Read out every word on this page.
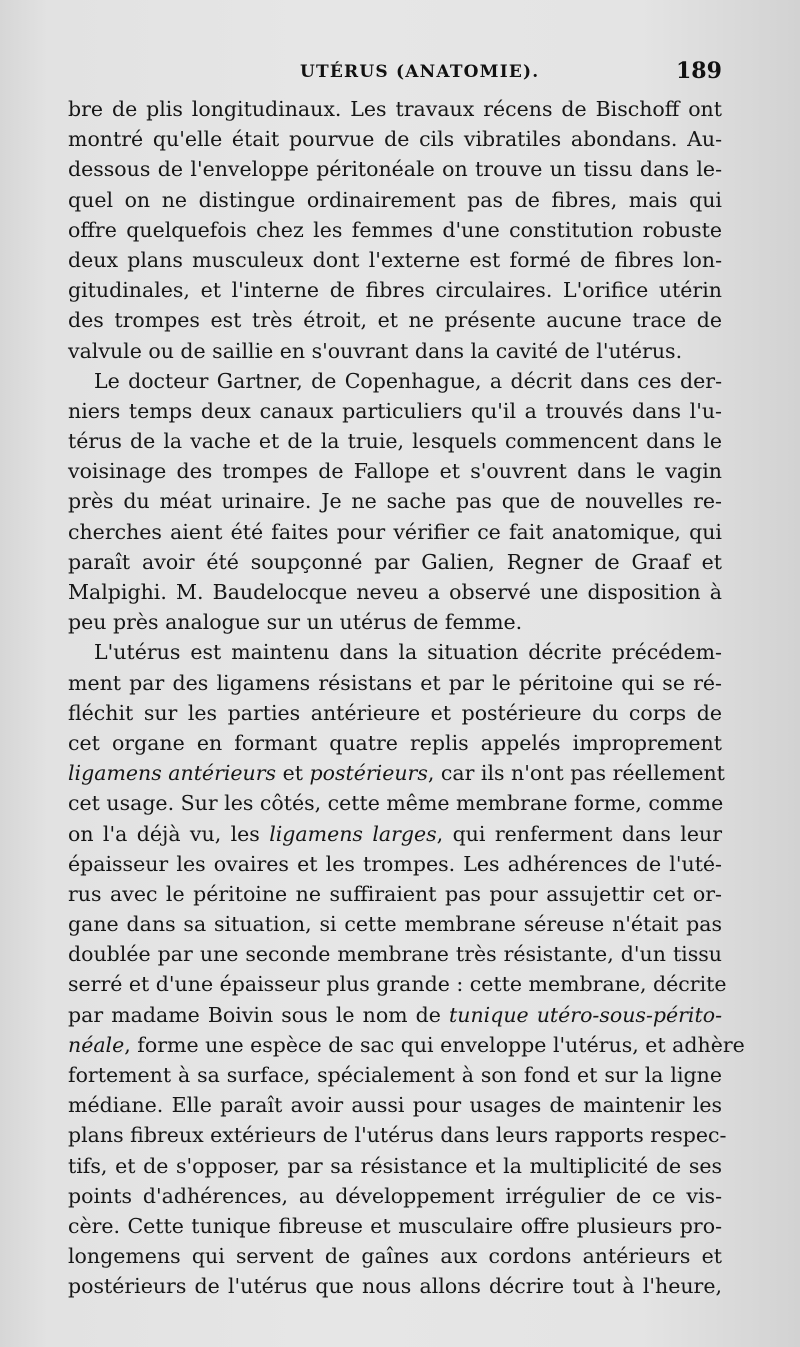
UTÉRUS (ANATOMIE).	189
bre de plis longitudinaux. Les travaux récens de Bischoff ont
montré qu'elle était pourvue de cils vibratiles abondans. Au-
dessous de l'enveloppe péritonéale on trouve un tissu dans le-
quel on ne distingue ordinairement pas de fibres, mais qui
offre quelquefois chez les femmes d'une constitution robuste
deux plans musculeux dont l'externe est formé de fibres lon-
gitudinales, et l'interne de fibres circulaires. L'orifice utérin
des trompes est très étroit, et ne présente aucune trace de
valvule ou de saillie en s'ouvrant dans la cavité de l'utérus.
Le docteur Gartner, de Copenhague, a décrit dans ces der-
niers temps deux canaux particuliers qu'il a trouvés dans l'u-
térus de la vache et de la truie, lesquels commencent dans le
voisinage des trompes de Fallope et s'ouvrent dans le vagin
près du méat urinaire. Je ne sache pas que de nouvelles re-
cherches aient été faites pour vérifier ce fait anatomique, qui
paraît avoir été soupçonné par Galien, Regner de Graaf et
Malpighi. M. Baudelocque neveu a observé une disposition à
peu près analogue sur un utérus de femme.
L'utérus est maintenu dans la situation décrite précédem-
ment par des ligamens résistans et par le péritoine qui se ré-
fléchit sur les parties antérieure et postérieure du corps de
cet organe en formant quatre replis appelés improprement
ligamens antérieurs et postérieurs, car ils n'ont pas réellement
cet usage. Sur les côtés, cette même membrane forme, comme
on l'a déjà vu, les ligamens larges, qui renferment dans leur
épaisseur les ovaires et les trompes. Les adhérences de l'uté-
rus avec le péritoine ne suffiraient pas pour assujettir cet or-
gane dans sa situation, si cette membrane séreuse n'était pas
doublée par une seconde membrane très résistante, d'un tissu
serré et d'une épaisseur plus grande : cette membrane, décrite
par madame Boivin sous le nom de tunique utéro-sous-périto-
néale, forme une espèce de sac qui enveloppe l'utérus, et adhère
fortement à sa surface, spécialement à son fond et sur la ligne
médiane. Elle paraît avoir aussi pour usages de maintenir les
plans fibreux extérieurs de l'utérus dans leurs rapports respec-
tifs, et de s'opposer, par sa résistance et la multiplicité de ses
points d'adhérences, au développement irrégulier de ce vis-
cère. Cette tunique fibreuse et musculaire offre plusieurs pro-
longemens qui servent de gaînes aux cordons antérieurs et
postérieurs de l'utérus que nous allons décrire tout à l'heure,
